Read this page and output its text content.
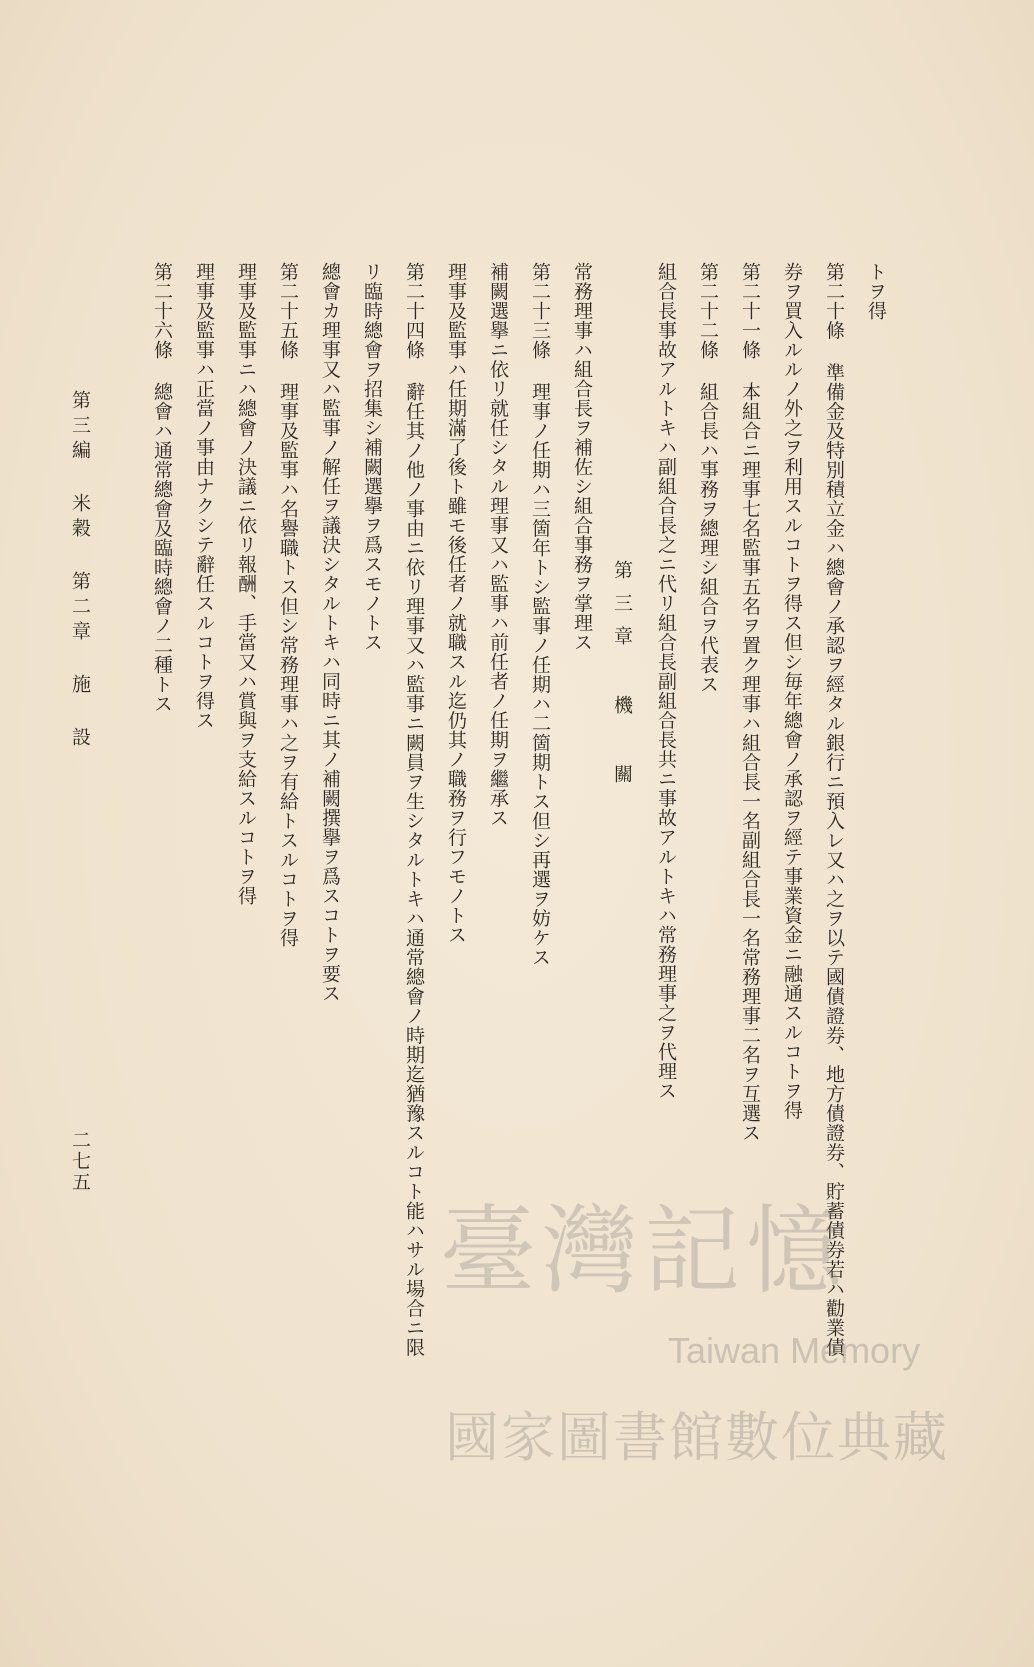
第二十六條 總會ハ通常總會及臨時總會ノ二種トス 理事及監事ハ正當ノ事由ナクシテ辭任スルコトヲ得ス 理事及監事ニハ總會ノ決議ニ依リ報酬、手當又ハ賞與ヲ支給スルコトヲ得 第二十五條 理事及監事ハ名譽職トス但シ常務理事ハ之ヲ有給トスルコトヲ得 總會カ理事又ハ監事ノ解任ヲ議決シタルトキハ同時ニ其ノ補闕撰擧ヲ爲スコトヲ要ス リ臨時總會ヲ招集シ補闕選擧ヲ爲スモノトス 第二十四條 辭任其ノ他ノ事由ニ依リ理事又ハ監事ニ闕員ヲ生シタルトキハ通常總會ノ時期迄猶豫スルコト能ハサル場合ニ限 理事及監事ハ任期滿了後ト雖モ後任者ノ就職スル迄仍其ノ職務ヲ行フモノトス 補闕選擧ニ依リ就任シタル理事又ハ監事ハ前任者ノ任期ヲ繼承ス 第二十三條 理事ノ任期ハ三箇年トシ監事ノ任期ハ二箇期トス但シ再選ヲ妨ケス 常務理事ハ組合長ヲ補佐シ組合事務ヲ掌理ス
第三章 機 關 組合長事故アルトキハ副組合長之ニ代リ組合長副組合長共ニ事故アルトキハ常務理事之ヲ代理ス 第二十二條 組合長ハ事務ヲ總理シ組合ヲ代表ス 第二十一條 本組合ニ理事七名監事五名ヲ置ク理事ハ組合長一名副組合長一名常務理事二名ヲ互選ス 券ヲ買入ルルノ外之ヲ利用スルコトヲ得ス但シ毎年總會ノ承認ヲ經テ事業資金ニ融通スルコトヲ得 第二十條 準備金及特別積立金ハ總會ノ承認ヲ經タル銀行ニ預入レ又ハ之ヲ以テ國債證券、地方債證券、貯蓄債券若ハ勸業債 トヲ得
第三編 米穀 第二章 施 設
二七五
臺灣記憶
Taiwan Memory
國家圖書館數位典藏
